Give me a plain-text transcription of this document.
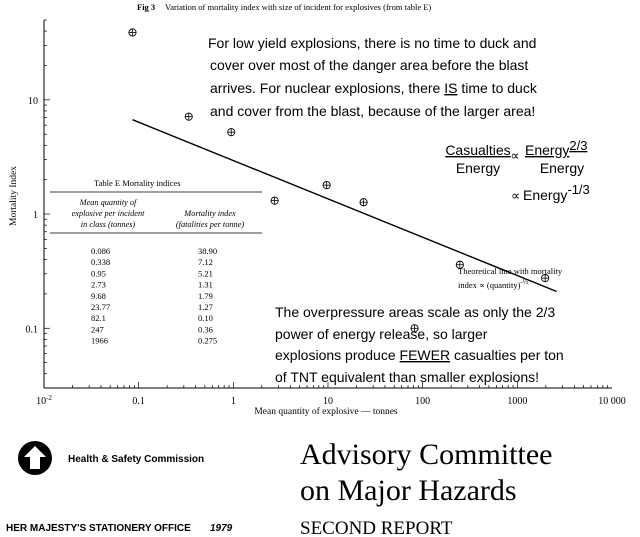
Fig 3 Variation of mortality index with size of incident for explosives (from table E)
$10^{-2}$	0.1	1	10	100	1000	10 000
10
1
0.1
Mean quantity of explosive — tonnes
Mortality Index
For low yield explosions, there is no time to duck and
cover over most of the danger area before the blast
arrives. For nuclear explosions, there IS time to duck
and cover from the blast, because of the larger area!
Casualties
Energy
∝ Energy2/3
Energy
∝ Energy-1/3
Table E Mortality indices
Mean quantity of
explosive per incident
in class (tonnes)
Mortality index
(fatalities per tonne)
0.086	38.90
0.338	7.12
0.95	5.21
2.73	1.31
9.68	1.79
23.77	1.27
82.1	0.10
247	0.36
1966	0.275
Theoretical line with mortality
index ∝ (quantity)$^{-\frac{1}{3}}$
The overpressure areas scale as only the 2/3
power of energy release, so larger
explosions produce FEWER casualties per ton
of TNT equivalent than smaller explosions!
Health & Safety Commission	Advisory Committee
on Major Hazards
HER MAJESTY'S STATIONERY OFFICE 1979	SECOND REPORT
